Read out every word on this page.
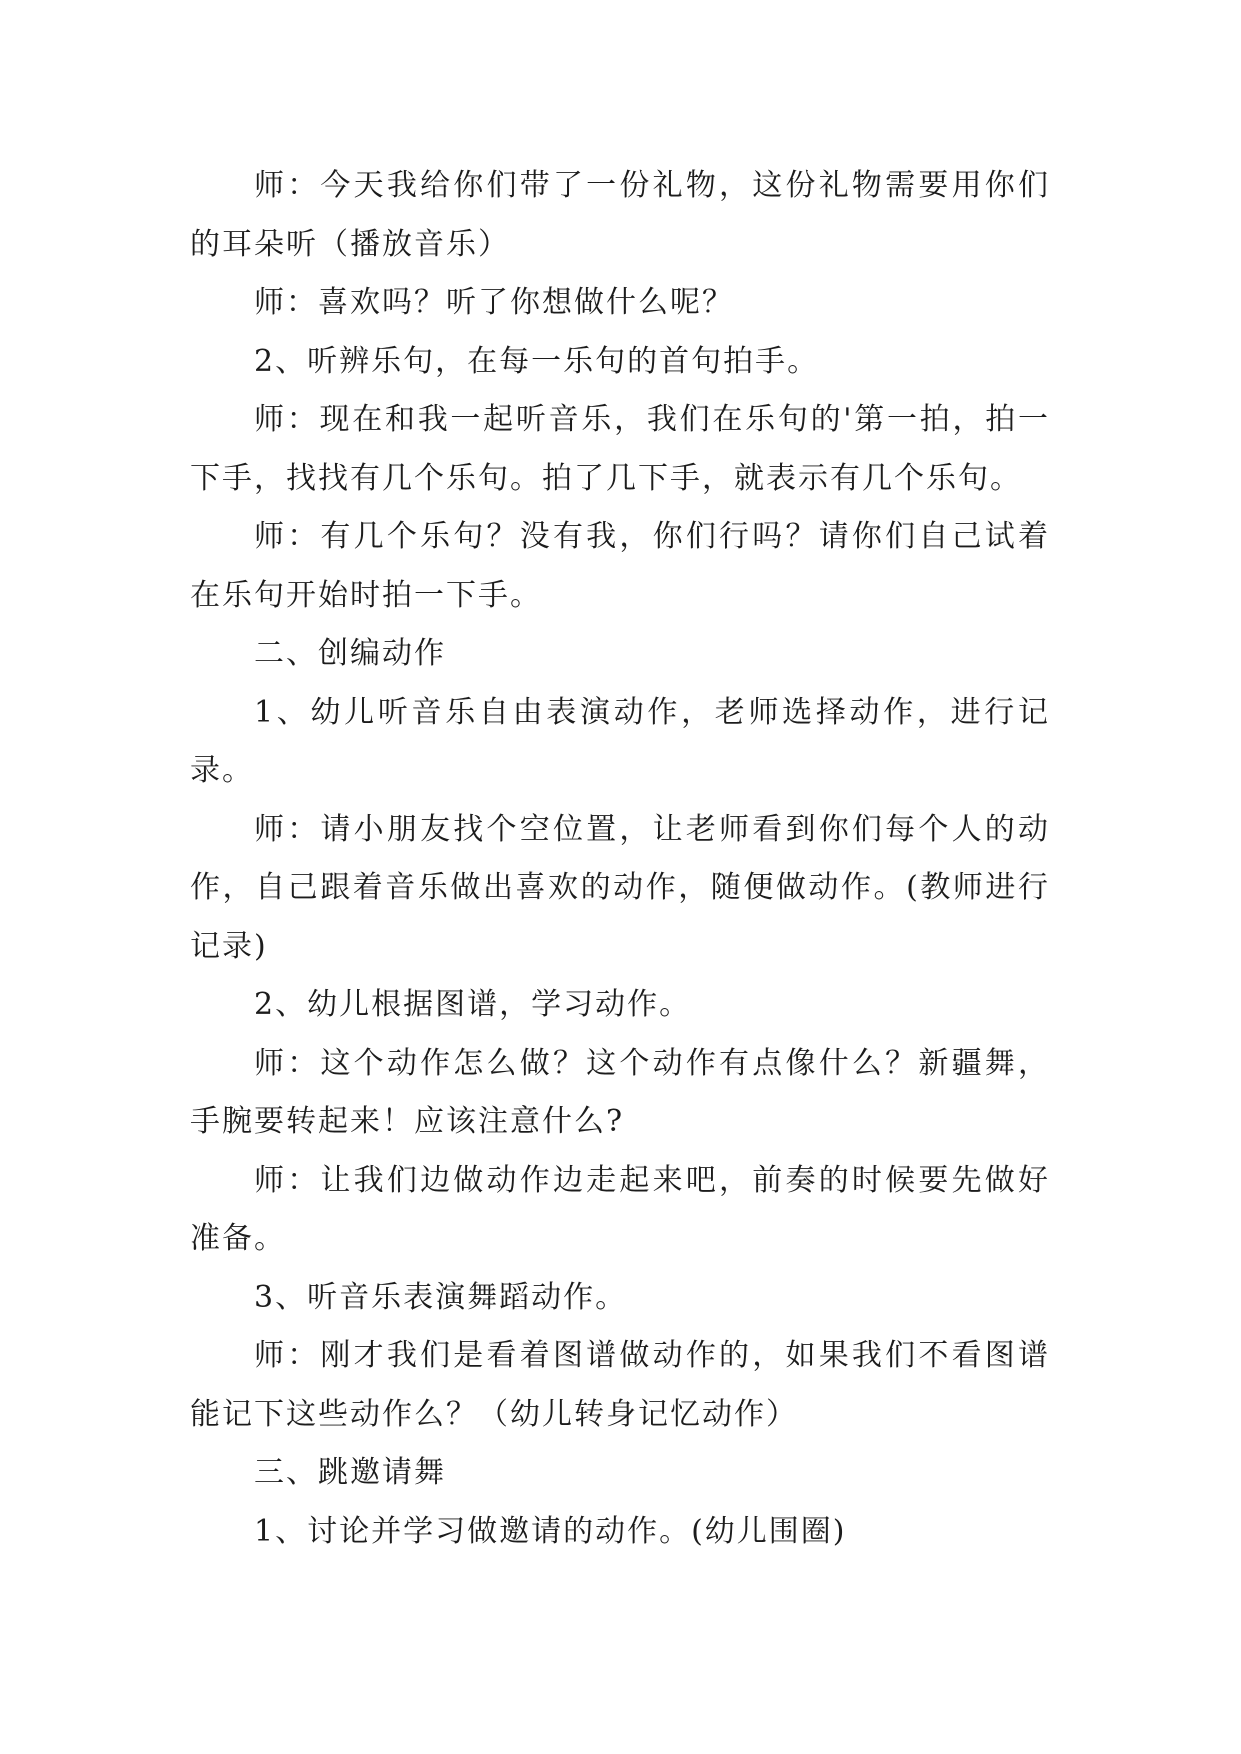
师：今天我给你们带了一份礼物，这份礼物需要用你们的耳朵听（播放音乐）

师：喜欢吗？听了你想做什么呢？

2、听辨乐句，在每一乐句的首句拍手。

师：现在和我一起听音乐，我们在乐句的'第一拍，拍一下手，找找有几个乐句。拍了几下手，就表示有几个乐句。

师：有几个乐句？没有我，你们行吗？请你们自己试着在乐句开始时拍一下手。

二、创编动作

1、幼儿听音乐自由表演动作，老师选择动作，进行记录。

师：请小朋友找个空位置，让老师看到你们每个人的动作，自己跟着音乐做出喜欢的动作，随便做动作。(教师进行记录)

2、幼儿根据图谱，学习动作。

师：这个动作怎么做？这个动作有点像什么？新疆舞，手腕要转起来！应该注意什么?

师：让我们边做动作边走起来吧，前奏的时候要先做好准备。

3、听音乐表演舞蹈动作。

师：刚才我们是看着图谱做动作的，如果我们不看图谱能记下这些动作么？（幼儿转身记忆动作）

三、跳邀请舞

1、讨论并学习做邀请的动作。(幼儿围圈)
